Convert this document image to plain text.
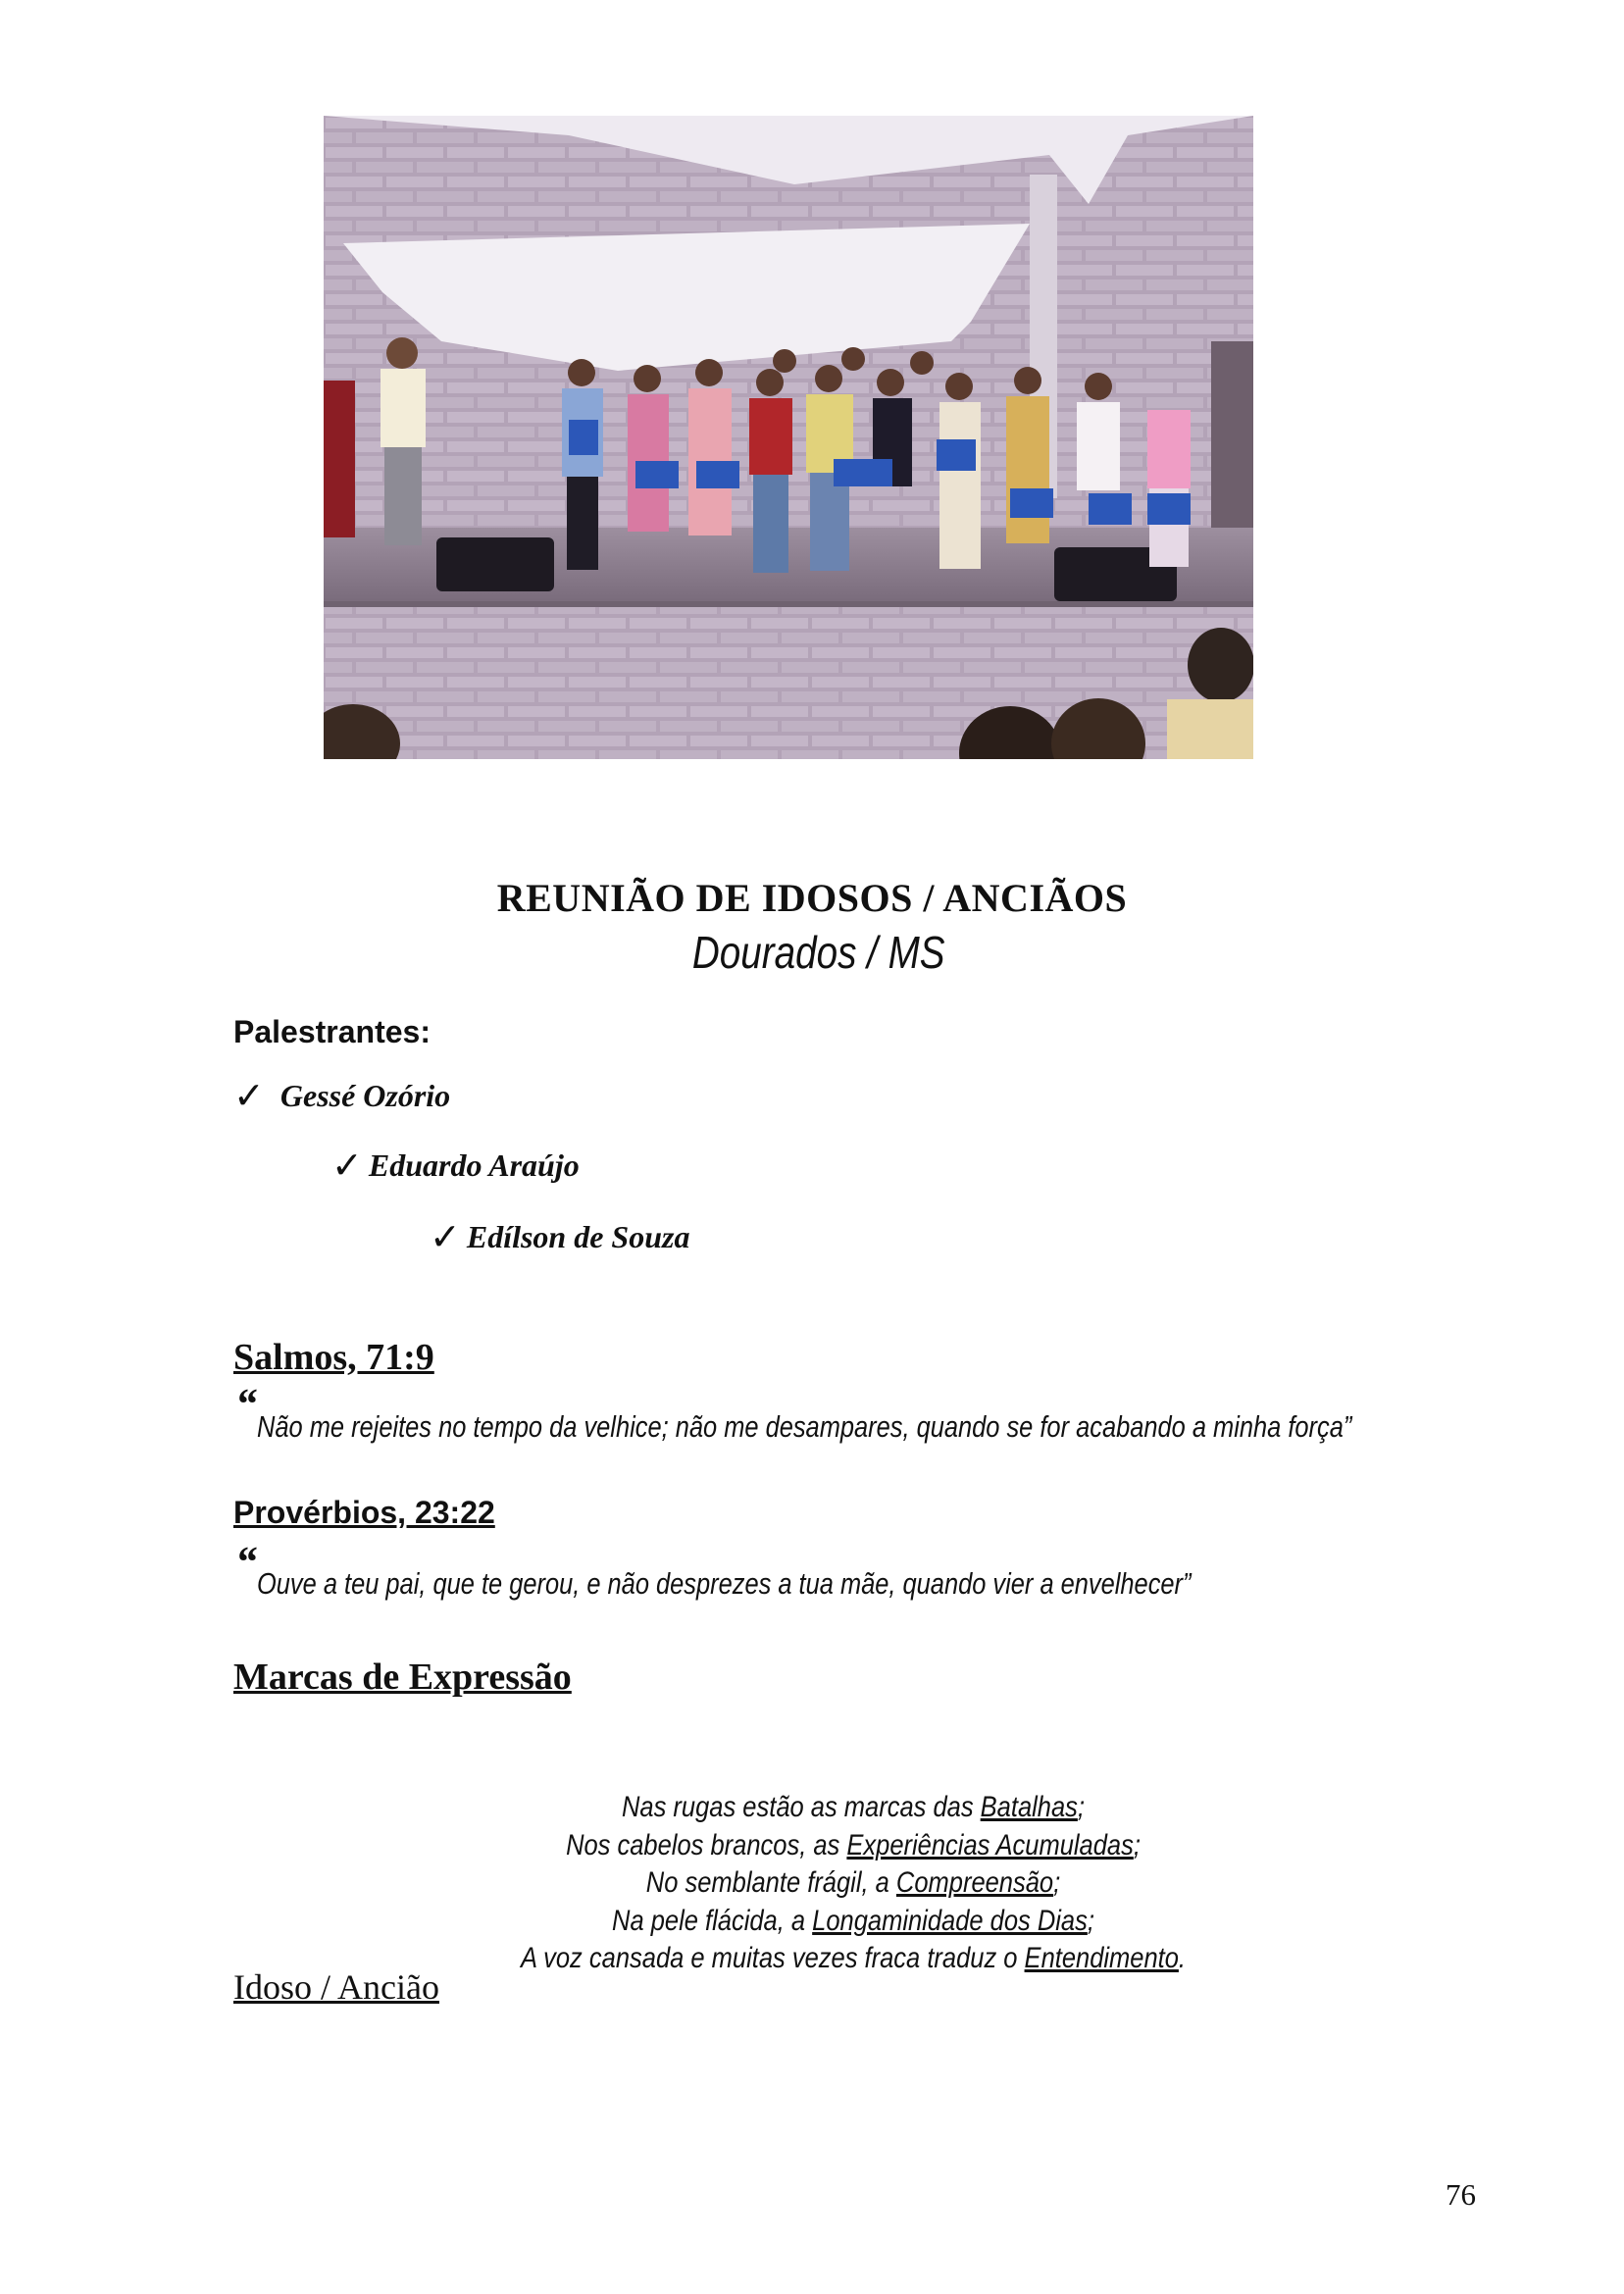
REUNIÃO DE IDOSOS / ANCIÃOS
Dourados / MS
Palestrantes:
✓ Gessé Ozório
✓ Eduardo Araújo
✓ Edílson de Souza
Salmos, 71:9
“ Não me rejeites no tempo da velhice; não me desampares, quando se for acabando a minha força”
Provérbios, 23:22
“ Ouve a teu pai, que te gerou, e não desprezes a tua mãe, quando vier a envelhecer”
Marcas de Expressão
Nas rugas estão as marcas das Batalhas;
Nos cabelos brancos, as Experiências Acumuladas;
No semblante frágil, a Compreensão;
Na pele flácida, a Longaminidade dos Dias;
A voz cansada e muitas vezes fraca traduz o Entendimento.
Idoso / Ancião
76
